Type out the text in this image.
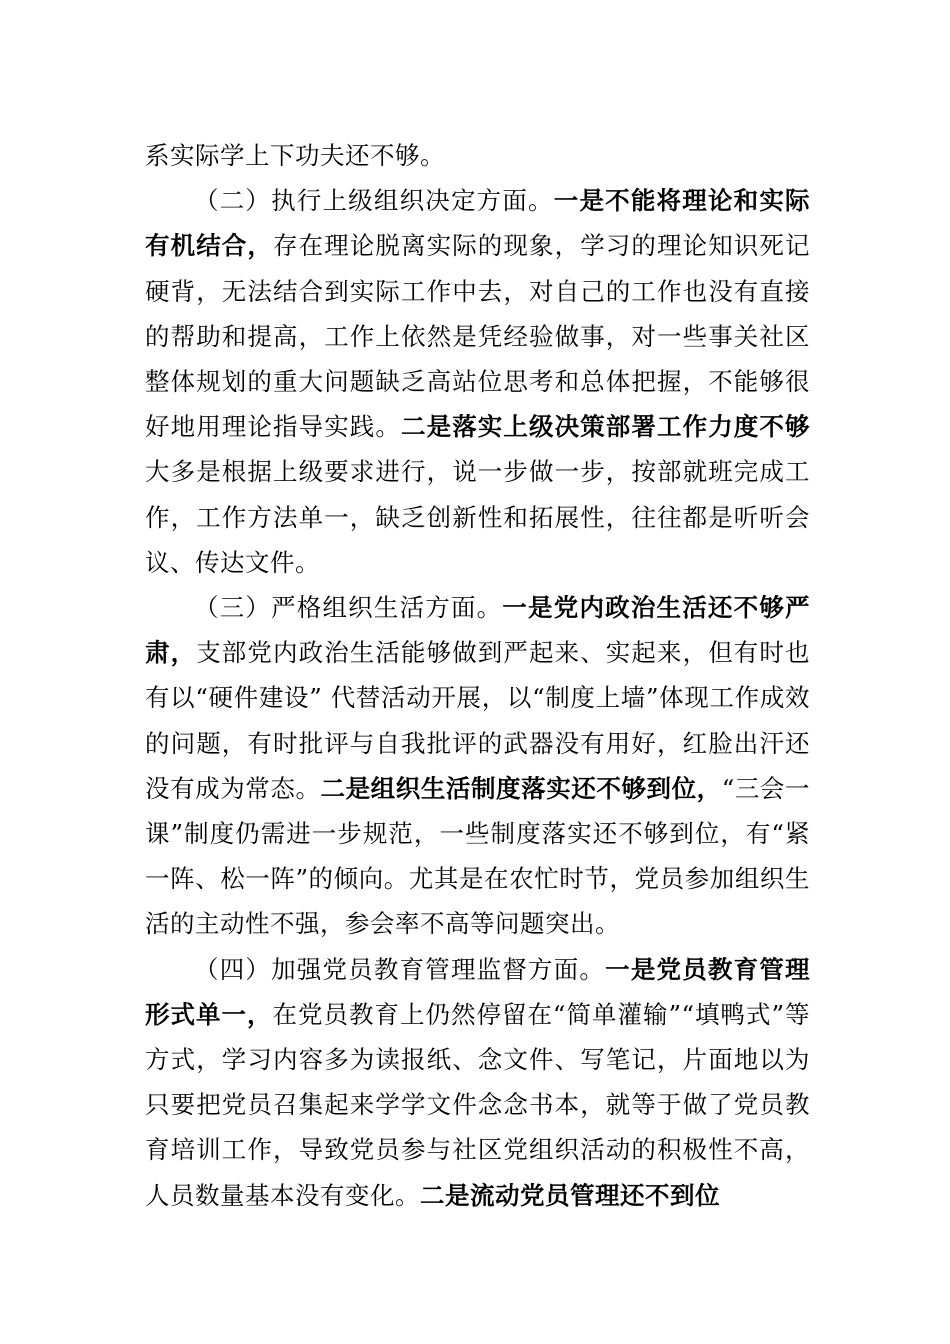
系实际学上下功夫还不够。

（二）执行上级组织决定方面。一是不能将理论和实际有机结合，存在理论脱离实际的现象，学习的理论知识死记硬背，无法结合到实际工作中去，对自己的工作也没有直接的帮助和提高，工作上依然是凭经验做事，对一些事关社区整体规划的重大问题缺乏高站位思考和总体把握，不能够很好地用理论指导实践。二是落实上级决策部署工作力度不够大多是根据上级要求进行，说一步做一步，按部就班完成工作，工作方法单一，缺乏创新性和拓展性，往往都是听听会议、传达文件。

（三）严格组织生活方面。一是党内政治生活还不够严肃，支部党内政治生活能够做到严起来、实起来，但有时也有以“硬件建设” 代替活动开展，以“制度上墙”体现工作成效的问题，有时批评与自我批评的武器没有用好，红脸出汗还没有成为常态。二是组织生活制度落实还不够到位，“三会一课”制度仍需进一步规范，一些制度落实还不够到位，有“紧一阵、松一阵”的倾向。尤其是在农忙时节，党员参加组织生活的主动性不强，参会率不高等问题突出。

（四）加强党员教育管理监督方面。一是党员教育管理形式单一，在党员教育上仍然停留在“简单灌输”“填鸭式”等方式，学习内容多为读报纸、念文件、写笔记，片面地以为只要把党员召集起来学学文件念念书本，就等于做了党员教育培训工作，导致党员参与社区党组织活动的积极性不高，人员数量基本没有变化。二是流动党员管理还不到位
